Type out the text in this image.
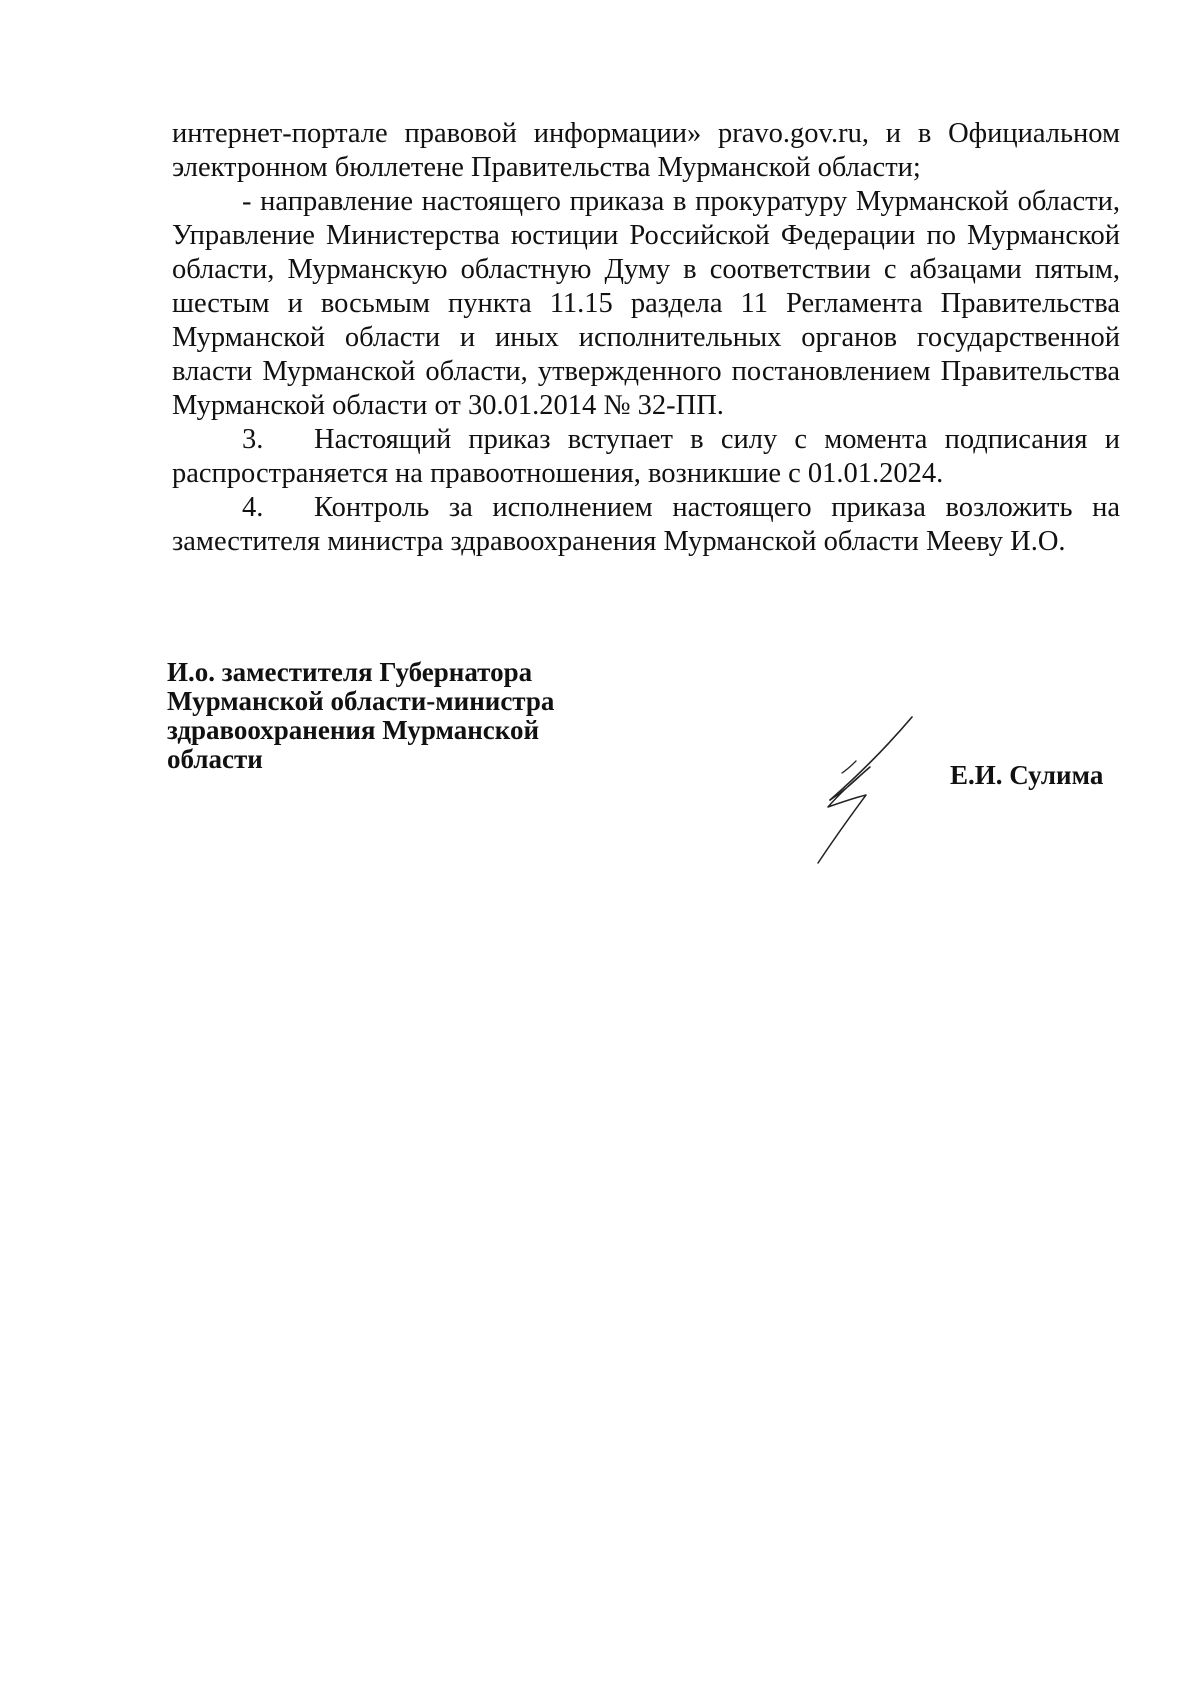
интернет-портале правовой информации» pravo.gov.ru, и в Официальном электронном бюллетене Правительства Мурманской области;

- направление настоящего приказа в прокуратуру Мурманской области, Управление Министерства юстиции Российской Федерации по Мурманской области, Мурманскую областную Думу в соответствии с абзацами пятым, шестым и восьмым пункта 11.15 раздела 11 Регламента Правительства Мурманской области и иных исполнительных органов государственной власти Мурманской области, утвержденного постановлением Правительства Мурманской области от 30.01.2014 № 32-ПП.

3. Настоящий приказ вступает в силу с момента подписания и распространяется на правоотношения, возникшие с 01.01.2024.

4. Контроль за исполнением настоящего приказа возложить на заместителя министра здравоохранения Мурманской области Мееву И.О.

И.о. заместителя Губернатора
Мурманской области-министра
здравоохранения Мурманской
области
Е.И. Сулима
